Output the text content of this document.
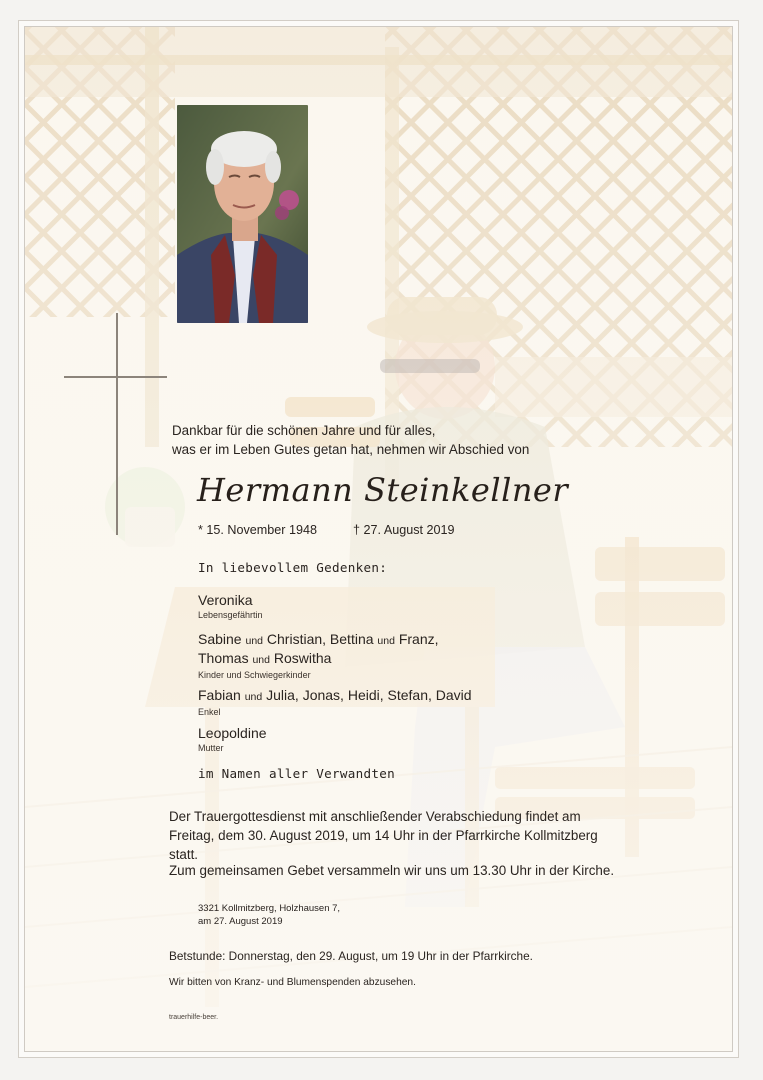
Dankbar für die schönen Jahre und für alles,
was er im Leben Gutes getan hat, nehmen wir Abschied von
Hermann Steinkellner
* 15. November 1948	† 27. August 2019
In liebevollem Gedenken:
Veronika
Lebensgefährtin
Sabine und Christian, Bettina und Franz,
Thomas und Roswitha
Kinder und Schwiegerkinder
Fabian und Julia, Jonas, Heidi, Stefan, David
Enkel
Leopoldine
Mutter
im Namen aller Verwandten
Der Trauergottesdienst mit anschließender Verabschiedung findet am
Freitag, dem 30. August 2019, um 14 Uhr in der Pfarrkirche Kollmitzberg
statt.
Zum gemeinsamen Gebet versammeln wir uns um 13.30 Uhr in der Kirche.
3321 Kollmitzberg, Holzhausen 7,
am 27. August 2019
Betstunde: Donnerstag, den 29. August, um 19 Uhr in der Pfarrkirche.
Wir bitten von Kranz- und Blumenspenden abzusehen.
trauerhilfe-beer.
